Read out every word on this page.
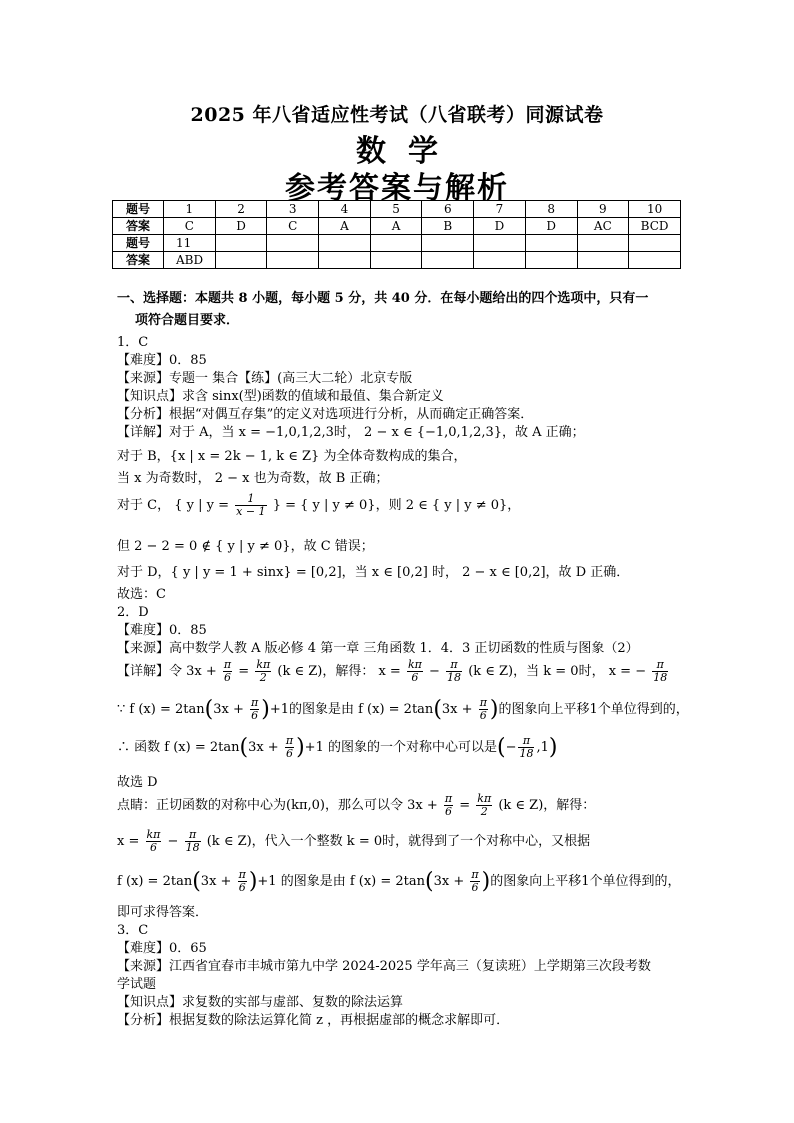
2025 年八省适应性考试（八省联考）同源试卷
数学
参考答案与解析
题号	1	2	3	4	5	6	7	8	9	10
答案	C	D	C	A	A	B	D	D	AC	BCD
题号	11									
答案	ABD									
一、选择题：本题共 8 小题，每小题 5 分，共 40 分．在每小题给出的四个选项中，只有一
项符合题目要求．
1．C
【难度】0．85
【来源】专题一 集合【练】(高三大二轮）北京专版
【知识点】求含 sinx(型)函数的值域和最值、集合新定义
【分析】根据“对偶互存集”的定义对选项进行分析，从而确定正确答案．
【详解】对于 A，当 x = −1,0,1,2,3时， 2 − x ∈ {−1,0,1,2,3}，故 A 正确；
对于 B，{x | x = 2k − 1, k ∈ Z} 为全体奇数构成的集合，
当 x 为奇数时， 2 − x 也为奇数，故 B 正确；
对于 C， { y | $y = \frac{1}{x - 1}$ } = { y | y ≠ 0}，则 2 ∈ { y | y ≠ 0}，
但 2 − 2 = 0 ∉ { y | y ≠ 0}，故 C 错误；
对于 D，{ y | y = 1 + sinx} = [0,2]，当 x ∈ [0,2] 时， 2 − x ∈ [0,2]，故 D 正确．
故选：C
2．D
【难度】0．85
【来源】高中数学人教 A 版必修 4 第一章 三角函数 1．4．3 正切函数的性质与图象（2）
【详解】令 $3x + \frac{\pi}{6} = \frac{k\pi}{2} (k$ ∈ Z)，解得： $x = \frac{k\pi}{6} - \frac{\pi}{18} (k$ ∈ Z)，当 k = 0时， x = − $\frac{\pi}{18}$
∵ f $(x) = 2\tan(3x + \frac{\pi}{6} )+1$的图象是由 f $(x) = 2\tan(3x + \frac{\pi}{6}$ )的图象向上平移1个单位得到的，
∴ 函数 f $(x) = 2\tan(3x + \frac{\pi}{6} )+1$ 的图象的一个对称中心可以是(− $\frac{\pi}{18} ,1$)
故选 D
点睛：正切函数的对称中心为(kπ,0)，那么可以令 $3x + \frac{\pi}{6} = \frac{k\pi}{2} (k$ ∈ Z)，解得：
$x = \frac{k\pi}{6} - \frac{\pi}{18} (k$ ∈ Z)，代入一个整数 k = 0时，就得到了一个对称中心，又根据
f $(x) = 2\tan(3x + \frac{\pi}{6} )+1$ 的图象是由 f $(x) = 2\tan(3x + \frac{\pi}{6}$ )的图象向上平移1个单位得到的，
即可求得答案．
3．C
【难度】0．65
【来源】江西省宜春市丰城市第九中学 2024-2025 学年高三（复读班）上学期第三次段考数
学试题
【知识点】求复数的实部与虚部、复数的除法运算
【分析】根据复数的除法运算化简 z ，再根据虚部的概念求解即可．
